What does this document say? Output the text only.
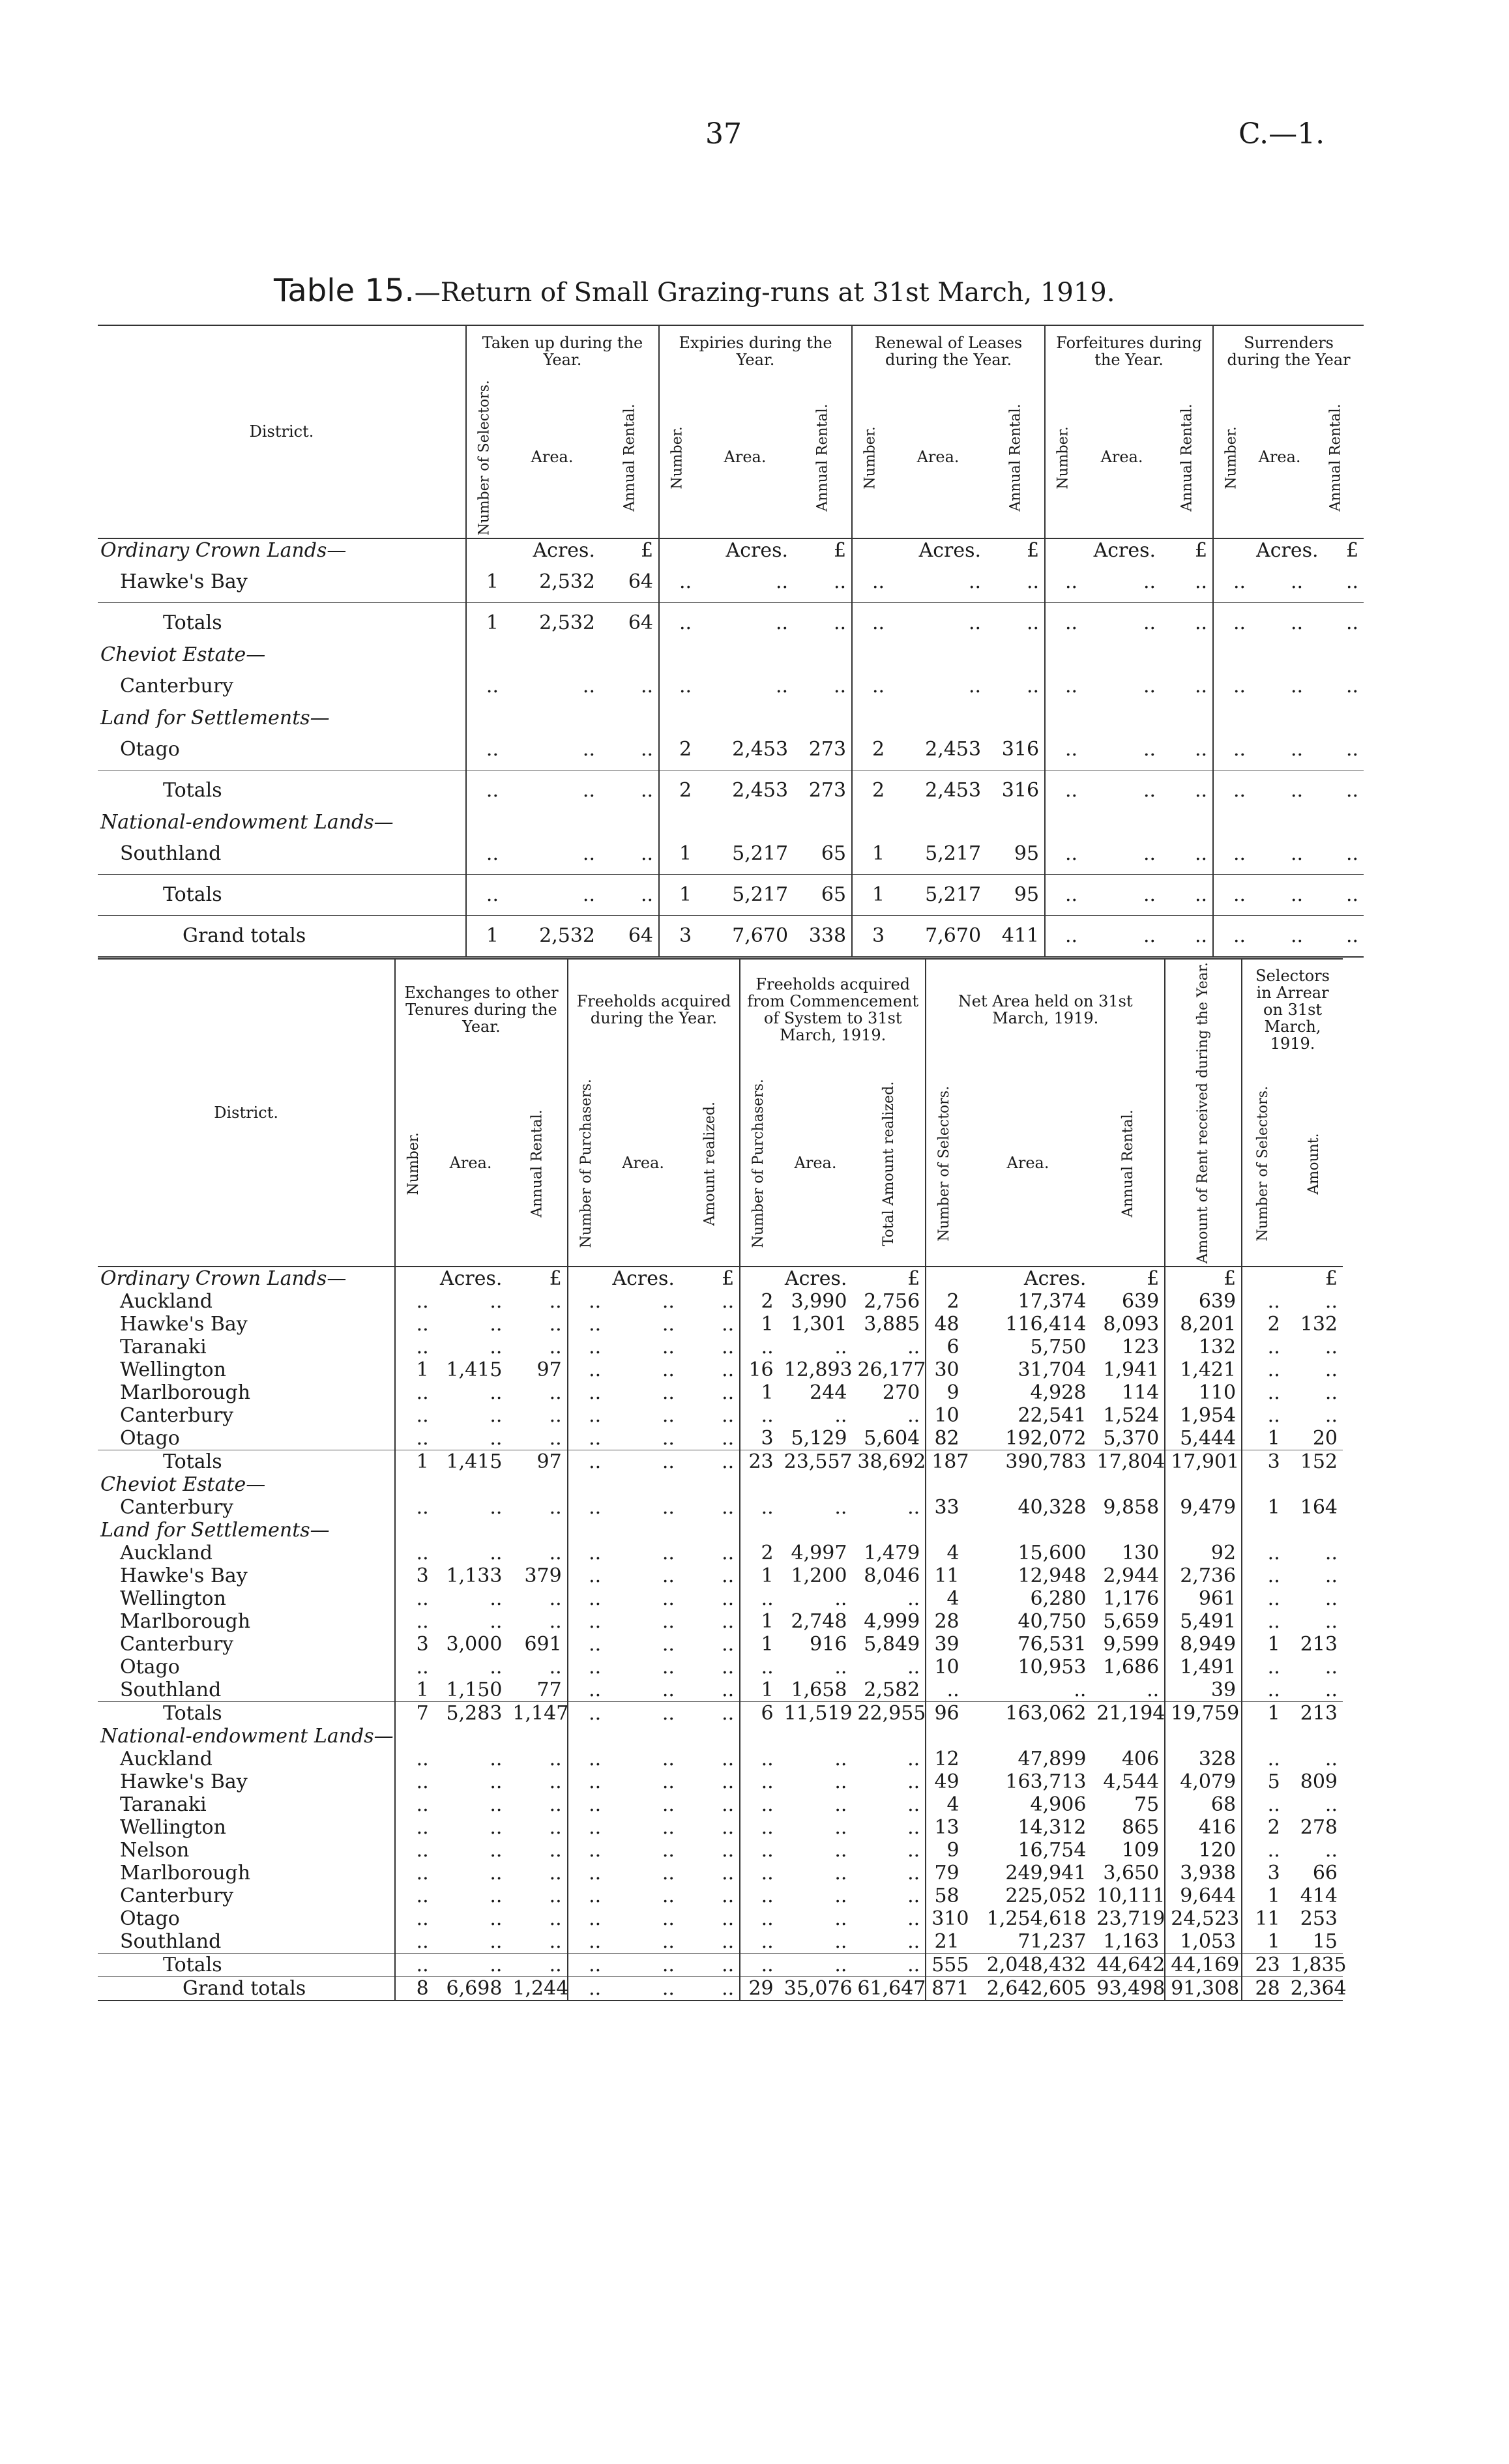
37	C.—1.
Table 15.—Return of Small Grazing-runs at 31st March, 1919.
District.	Taken up during the Year.			Expiries during the Year.			Renewal of Leases during the Year.			Forfeitures during the Year.			Surrenders during the Year		
	Number of Selectors.	Area.	Annual Rental.	Number.	Area.	Annual Rental.	Number.	Area.	Annual Rental.	Number.	Area.	Annual Rental.	Number.	Area.	Annual Rental.
Ordinary Crown Lands—		Acres.	£		Acres.	£		Acres.	£		Acres.	£		Acres.	£
Hawke's Bay	1	2,532	64	..	..	..	..	..	..	..	..	..	..	..	..
Totals	1	2,532	64	..	..	..	..	..	..	..	..	..	..	..	..
Cheviot Estate—															
Canterbury	..	..	..	..	..	..	..	..	..	..	..	..	..	..	..
Land for Settlements—															
Otago	..	..	..	2	2,453	273	2	2,453	316	..	..	..	..	..	..
Totals	..	..	..	2	2,453	273	2	2,453	316	..	..	..	..	..	..
National-endowment Lands—															
Southland	..	..	..	1	5,217	65	1	5,217	95	..	..	..	..	..	..
Totals	..	..	..	1	5,217	65	1	5,217	95	..	..	..	..	..	..
Grand totals	1	2,532	64	3	7,670	338	3	7,670	411	..	..	..	..	..	..
District.	Exchanges to other Tenures during the Year.			Freeholds acquired during the Year.			Freeholds acquired from Commencement of System to 31st March, 1919.			Net Area held on 31st March, 1919.			Amount of Rent received during the Year.	Selectors in Arrear on 31st March, 1919.	
	Number.	Area.	Annual Rental.	Number of Purchasers.	Area.	Amount realized.	Number of Purchasers.	Area.	Total Amount realized.	Number of Selectors.	Area.	Annual Rental.		Number of Selectors.	Amount.
Ordinary Crown Lands—		Acres.	£		Acres.	£		Acres.	£		Acres.	£	£		£
Auckland	..	..	..	..	..	..	2	3,990	2,756	2	17,374	639	639	..	..
Hawke's Bay	..	..	..	..	..	..	1	1,301	3,885	48	116,414	8,093	8,201	2	132
Taranaki	..	..	..	..	..	..	..	..	..	6	5,750	123	132	..	..
Wellington	1	1,415	97	..	..	..	16	12,893	26,177	30	31,704	1,941	1,421	..	..
Marlborough	..	..	..	..	..	..	1	244	270	9	4,928	114	110	..	..
Canterbury	..	..	..	..	..	..	..	..	..	10	22,541	1,524	1,954	..	..
Otago	..	..	..	..	..	..	3	5,129	5,604	82	192,072	5,370	5,444	1	20
Totals	1	1,415	97	..	..	..	23	23,557	38,692	187	390,783	17,804	17,901	3	152
Cheviot Estate—															
Canterbury	..	..	..	..	..	..	..	..	..	33	40,328	9,858	9,479	1	164
Land for Settlements—															
Auckland	..	..	..	..	..	..	2	4,997	1,479	4	15,600	130	92	..	..
Hawke's Bay	3	1,133	379	..	..	..	1	1,200	8,046	11	12,948	2,944	2,736	..	..
Wellington	..	..	..	..	..	..	..	..	..	4	6,280	1,176	961	..	..
Marlborough	..	..	..	..	..	..	1	2,748	4,999	28	40,750	5,659	5,491	..	..
Canterbury	3	3,000	691	..	..	..	1	916	5,849	39	76,531	9,599	8,949	1	213
Otago	..	..	..	..	..	..	..	..	..	10	10,953	1,686	1,491	..	..
Southland	1	1,150	77	..	..	..	1	1,658	2,582	..	..	..	39	..	..
Totals	7	5,283	1,147	..	..	..	6	11,519	22,955	96	163,062	21,194	19,759	1	213
National-endowment Lands—															
Auckland	..	..	..	..	..	..	..	..	..	12	47,899	406	328	..	..
Hawke's Bay	..	..	..	..	..	..	..	..	..	49	163,713	4,544	4,079	5	809
Taranaki	..	..	..	..	..	..	..	..	..	4	4,906	75	68	..	..
Wellington	..	..	..	..	..	..	..	..	..	13	14,312	865	416	2	278
Nelson	..	..	..	..	..	..	..	..	..	9	16,754	109	120	..	..
Marlborough	..	..	..	..	..	..	..	..	..	79	249,941	3,650	3,938	3	66
Canterbury	..	..	..	..	..	..	..	..	..	58	225,052	10,111	9,644	1	414
Otago	..	..	..	..	..	..	..	..	..	310	1,254,618	23,719	24,523	11	253
Southland	..	..	..	..	..	..	..	..	..	21	71,237	1,163	1,053	1	15
Totals	..	..	..	..	..	..	..	..	..	555	2,048,432	44,642	44,169	23	1,835
Grand totals	8	6,698	1,244	..	..	..	29	35,076	61,647	871	2,642,605	93,498	91,308	28	2,364
